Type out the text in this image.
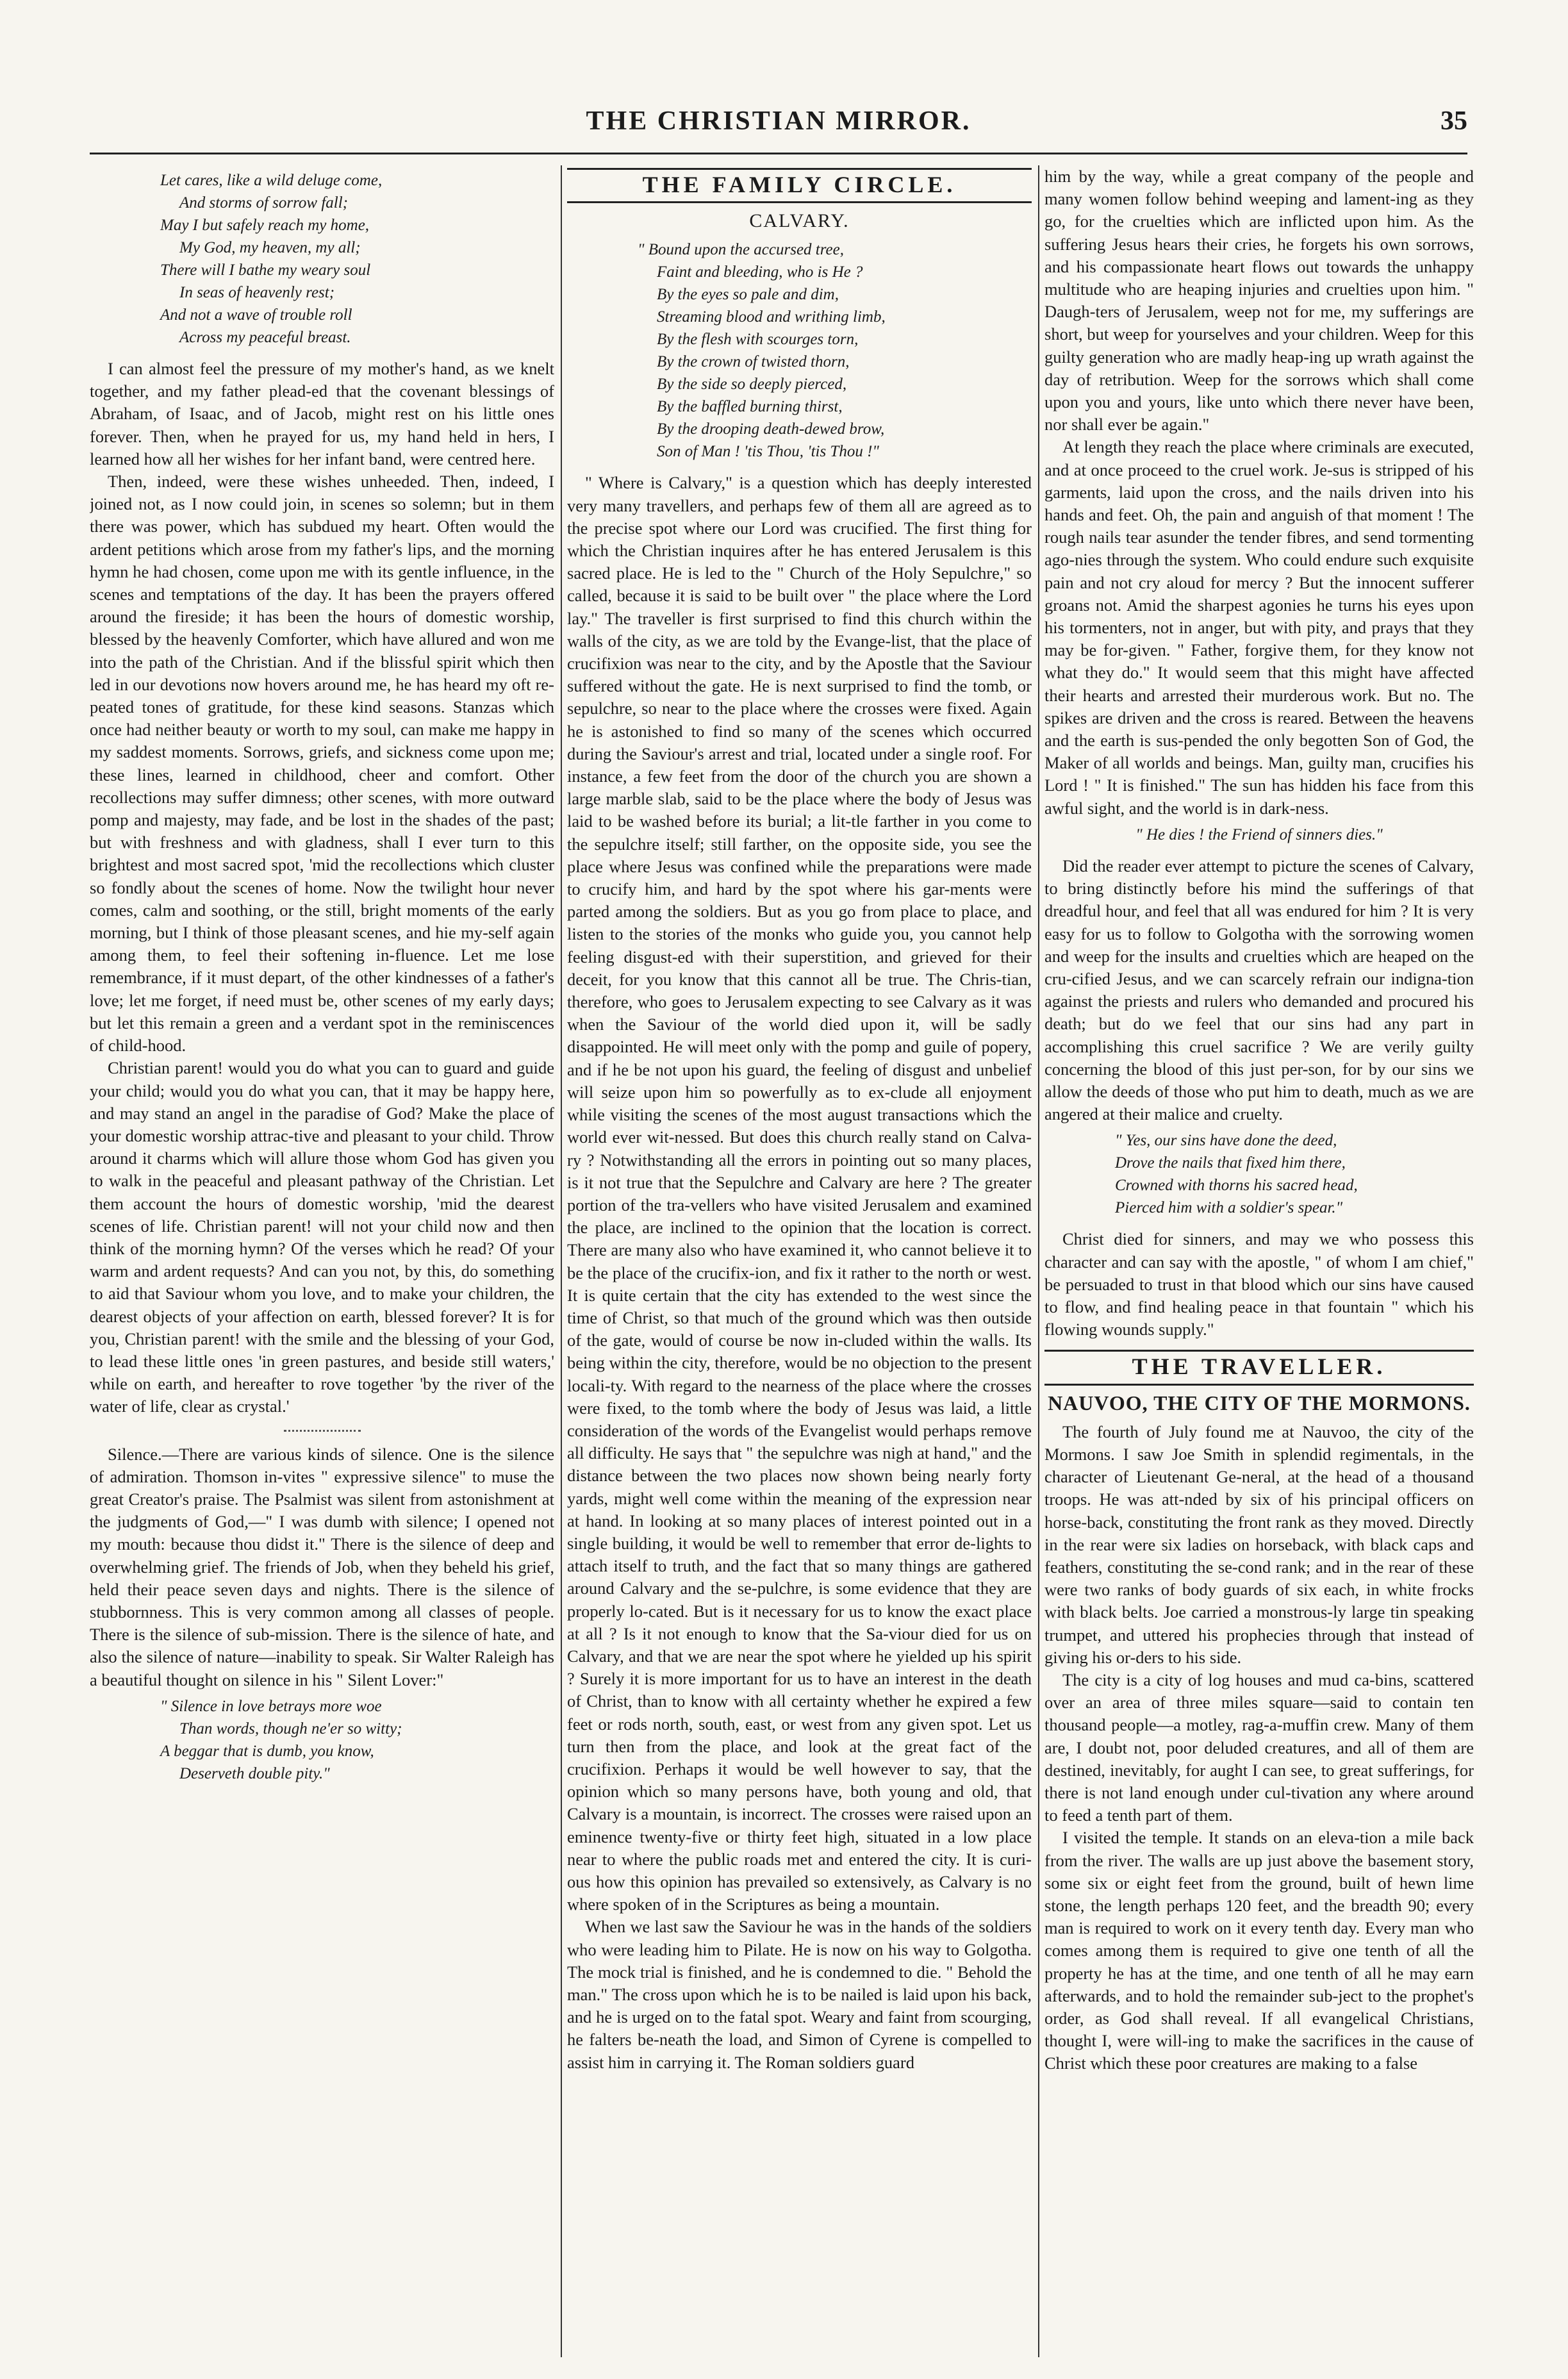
THE CHRISTIAN MIRROR.	35
Let cares, like a wild deluge come,
And storms of sorrow fall;
May I but safely reach my home,
My God, my heaven, my all;
There will I bathe my weary soul
In seas of heavenly rest;
And not a wave of trouble roll
Across my peaceful breast.

I can almost feel the pressure of my mother's hand, as we knelt together, and my father plead-ed that the covenant blessings of Abraham, of Isaac, and of Jacob, might rest on his little ones forever. Then, when he prayed for us, my hand held in hers, I learned how all her wishes for her infant band, were centred here.

Then, indeed, were these wishes unheeded. Then, indeed, I joined not, as I now could join, in scenes so solemn; but in them there was power, which has subdued my heart. Often would the ardent petitions which arose from my father's lips, and the morning hymn he had chosen, come upon me with its gentle influence, in the scenes and temptations of the day. It has been the prayers offered around the fireside; it has been the hours of domestic worship, blessed by the heavenly Comforter, which have allured and won me into the path of the Christian. And if the blissful spirit which then led in our devotions now hovers around me, he has heard my oft re-peated tones of gratitude, for these kind seasons. Stanzas which once had neither beauty or worth to my soul, can make me happy in my saddest moments. Sorrows, griefs, and sickness come upon me; these lines, learned in childhood, cheer and comfort. Other recollections may suffer dimness; other scenes, with more outward pomp and majesty, may fade, and be lost in the shades of the past; but with freshness and with gladness, shall I ever turn to this brightest and most sacred spot, 'mid the recollections which cluster so fondly about the scenes of home. Now the twilight hour never comes, calm and soothing, or the still, bright moments of the early morning, but I think of those pleasant scenes, and hie my-self again among them, to feel their softening in-fluence. Let me lose remembrance, if it must depart, of the other kindnesses of a father's love; let me forget, if need must be, other scenes of my early days; but let this remain a green and a verdant spot in the reminiscences of child-hood.

Christian parent! would you do what you can to guard and guide your child; would you do what you can, that it may be happy here, and may stand an angel in the paradise of God? Make the place of your domestic worship attrac-tive and pleasant to your child. Throw around it charms which will allure those whom God has given you to walk in the peaceful and pleasant pathway of the Christian. Let them account the hours of domestic worship, 'mid the dearest scenes of life. Christian parent! will not your child now and then think of the morning hymn? Of the verses which he read? Of your warm and ardent requests? And can you not, by this, do something to aid that Saviour whom you love, and to make your children, the dearest objects of your affection on earth, blessed forever? It is for you, Christian parent! with the smile and the blessing of your God, to lead these little ones 'in green pastures, and beside still waters,' while on earth, and hereafter to rove together 'by the river of the water of life, clear as crystal.'

Silence.—There are various kinds of silence. One is the silence of admiration. Thomson in-vites " expressive silence" to muse the great Creator's praise. The Psalmist was silent from astonishment at the judgments of God,—" I was dumb with silence; I opened not my mouth: because thou didst it." There is the silence of deep and overwhelming grief. The friends of Job, when they beheld his grief, held their peace seven days and nights. There is the silence of stubbornness. This is very common among all classes of people. There is the silence of sub-mission. There is the silence of hate, and also the silence of nature—inability to speak. Sir Walter Raleigh has a beautiful thought on silence in his " Silent Lover:"

" Silence in love betrays more woe
Than words, though ne'er so witty;
A beggar that is dumb, you know,
Deserveth double pity."
THE FAMILY CIRCLE.
CALVARY.
" Bound upon the accursed tree,
Faint and bleeding, who is He ?
By the eyes so pale and dim,
Streaming blood and writhing limb,
By the flesh with scourges torn,
By the crown of twisted thorn,
By the side so deeply pierced,
By the baffled burning thirst,
By the drooping death-dewed brow,
Son of Man ! 'tis Thou, 'tis Thou !"

" Where is Calvary," is a question which has deeply interested very many travellers, and perhaps few of them all are agreed as to the precise spot where our Lord was crucified. The first thing for which the Christian inquires after he has entered Jerusalem is this sacred place. He is led to the " Church of the Holy Sepulchre," so called, because it is said to be built over " the place where the Lord lay." The traveller is first surprised to find this church within the walls of the city, as we are told by the Evange-list, that the place of crucifixion was near to the city, and by the Apostle that the Saviour suffered without the gate. He is next surprised to find the tomb, or sepulchre, so near to the place where the crosses were fixed. Again he is astonished to find so many of the scenes which occurred during the Saviour's arrest and trial, located under a single roof. For instance, a few feet from the door of the church you are shown a large marble slab, said to be the place where the body of Jesus was laid to be washed before its burial; a lit-tle farther in you come to the sepulchre itself; still farther, on the opposite side, you see the place where Jesus was confined while the preparations were made to crucify him, and hard by the spot where his gar-ments were parted among the soldiers. But as you go from place to place, and listen to the stories of the monks who guide you, you cannot help feeling disgust-ed with their superstition, and grieved for their deceit, for you know that this cannot all be true. The Chris-tian, therefore, who goes to Jerusalem expecting to see Calvary as it was when the Saviour of the world died upon it, will be sadly disappointed. He will meet only with the pomp and guile of popery, and if he be not upon his guard, the feeling of disgust and unbelief will seize upon him so powerfully as to ex-clude all enjoyment while visiting the scenes of the most august transactions which the world ever wit-nessed. But does this church really stand on Calva-ry ? Notwithstanding all the errors in pointing out so many places, is it not true that the Sepulchre and Calvary are here ? The greater portion of the tra-vellers who have visited Jerusalem and examined the place, are inclined to the opinion that the location is correct. There are many also who have examined it, who cannot believe it to be the place of the crucifix-ion, and fix it rather to the north or west. It is quite certain that the city has extended to the west since the time of Christ, so that much of the ground which was then outside of the gate, would of course be now in-cluded within the walls. Its being within the city, therefore, would be no objection to the present locali-ty. With regard to the nearness of the place where the crosses were fixed, to the tomb where the body of Jesus was laid, a little consideration of the words of the Evangelist would perhaps remove all difficulty. He says that " the sepulchre was nigh at hand," and the distance between the two places now shown being nearly forty yards, might well come within the meaning of the expression near at hand. In looking at so many places of interest pointed out in a single building, it would be well to remember that error de-lights to attach itself to truth, and the fact that so many things are gathered around Calvary and the se-pulchre, is some evidence that they are properly lo-cated. But is it necessary for us to know the exact place at all ? Is it not enough to know that the Sa-viour died for us on Calvary, and that we are near the spot where he yielded up his spirit ? Surely it is more important for us to have an interest in the death of Christ, than to know with all certainty whether he expired a few feet or rods north, south, east, or west from any given spot. Let us turn then from the place, and look at the great fact of the crucifixion. Perhaps it would be well however to say, that the opinion which so many persons have, both young and old, that Calvary is a mountain, is incorrect. The crosses were raised upon an eminence twenty-five or thirty feet high, situated in a low place near to where the public roads met and entered the city. It is curi-ous how this opinion has prevailed so extensively, as Calvary is no where spoken of in the Scriptures as being a mountain.

When we last saw the Saviour he was in the hands of the soldiers who were leading him to Pilate. He is now on his way to Golgotha. The mock trial is finished, and he is condemned to die. " Behold the man." The cross upon which he is to be nailed is laid upon his back, and he is urged on to the fatal spot. Weary and faint from scourging, he falters be-neath the load, and Simon of Cyrene is compelled to assist him in carrying it. The Roman soldiers guard

him by the way, while a great company of the people and many women follow behind weeping and lament-ing as they go, for the cruelties which are inflicted upon him. As the suffering Jesus hears their cries, he forgets his own sorrows, and his compassionate heart flows out towards the unhappy multitude who are heaping injuries and cruelties upon him. " Daugh-ters of Jerusalem, weep not for me, my sufferings are short, but weep for yourselves and your children. Weep for this guilty generation who are madly heap-ing up wrath against the day of retribution. Weep for the sorrows which shall come upon you and yours, like unto which there never have been, nor shall ever be again."

At length they reach the place where criminals are executed, and at once proceed to the cruel work. Je-sus is stripped of his garments, laid upon the cross, and the nails driven into his hands and feet. Oh, the pain and anguish of that moment ! The rough nails tear asunder the tender fibres, and send tormenting ago-nies through the system. Who could endure such exquisite pain and not cry aloud for mercy ? But the innocent sufferer groans not. Amid the sharpest agonies he turns his eyes upon his tormenters, not in anger, but with pity, and prays that they may be for-given. " Father, forgive them, for they know not what they do." It would seem that this might have affected their hearts and arrested their murderous work. But no. The spikes are driven and the cross is reared. Between the heavens and the earth is sus-pended the only begotten Son of God, the Maker of all worlds and beings. Man, guilty man, crucifies his Lord ! " It is finished." The sun has hidden his face from this awful sight, and the world is in dark-ness.

" He dies ! the Friend of sinners dies."

Did the reader ever attempt to picture the scenes of Calvary, to bring distinctly before his mind the sufferings of that dreadful hour, and feel that all was endured for him ? It is very easy for us to follow to Golgotha with the sorrowing women and weep for the insults and cruelties which are heaped on the cru-cified Jesus, and we can scarcely refrain our indigna-tion against the priests and rulers who demanded and procured his death; but do we feel that our sins had any part in accomplishing this cruel sacrifice ? We are verily guilty concerning the blood of this just per-son, for by our sins we allow the deeds of those who put him to death, much as we are angered at their malice and cruelty.

" Yes, our sins have done the deed,
Drove the nails that fixed him there,
Crowned with thorns his sacred head,
Pierced him with a soldier's spear."

Christ died for sinners, and may we who possess this character and can say with the apostle, " of whom I am chief," be persuaded to trust in that blood which our sins have caused to flow, and find healing peace in that fountain " which his flowing wounds supply."

THE TRAVELLER.
NAUVOO, THE CITY OF THE MORMONS.

The fourth of July found me at Nauvoo, the city of the Mormons. I saw Joe Smith in splendid regimentals, in the character of Lieutenant Ge-neral, at the head of a thousand troops. He was att-nded by six of his principal officers on horse-back, constituting the front rank as they moved. Directly in the rear were six ladies on horseback, with black caps and feathers, constituting the se-cond rank; and in the rear of these were two ranks of body guards of six each, in white frocks with black belts. Joe carried a monstrous-ly large tin speaking trumpet, and uttered his prophecies through that instead of giving his or-ders to his side.

The city is a city of log houses and mud ca-bins, scattered over an area of three miles square—said to contain ten thousand people—a motley, rag-a-muffin crew. Many of them are, I doubt not, poor deluded creatures, and all of them are destined, inevitably, for aught I can see, to great sufferings, for there is not land enough under cul-tivation any where around to feed a tenth part of them.

I visited the temple. It stands on an eleva-tion a mile back from the river. The walls are up just above the basement story, some six or eight feet from the ground, built of hewn lime stone, the length perhaps 120 feet, and the breadth 90; every man is required to work on it every tenth day. Every man who comes among them is required to give one tenth of all the property he has at the time, and one tenth of all he may earn afterwards, and to hold the remainder sub-ject to the prophet's order, as God shall reveal. If all evangelical Christians, thought I, were will-ing to make the sacrifices in the cause of Christ which these poor creatures are making to a false
